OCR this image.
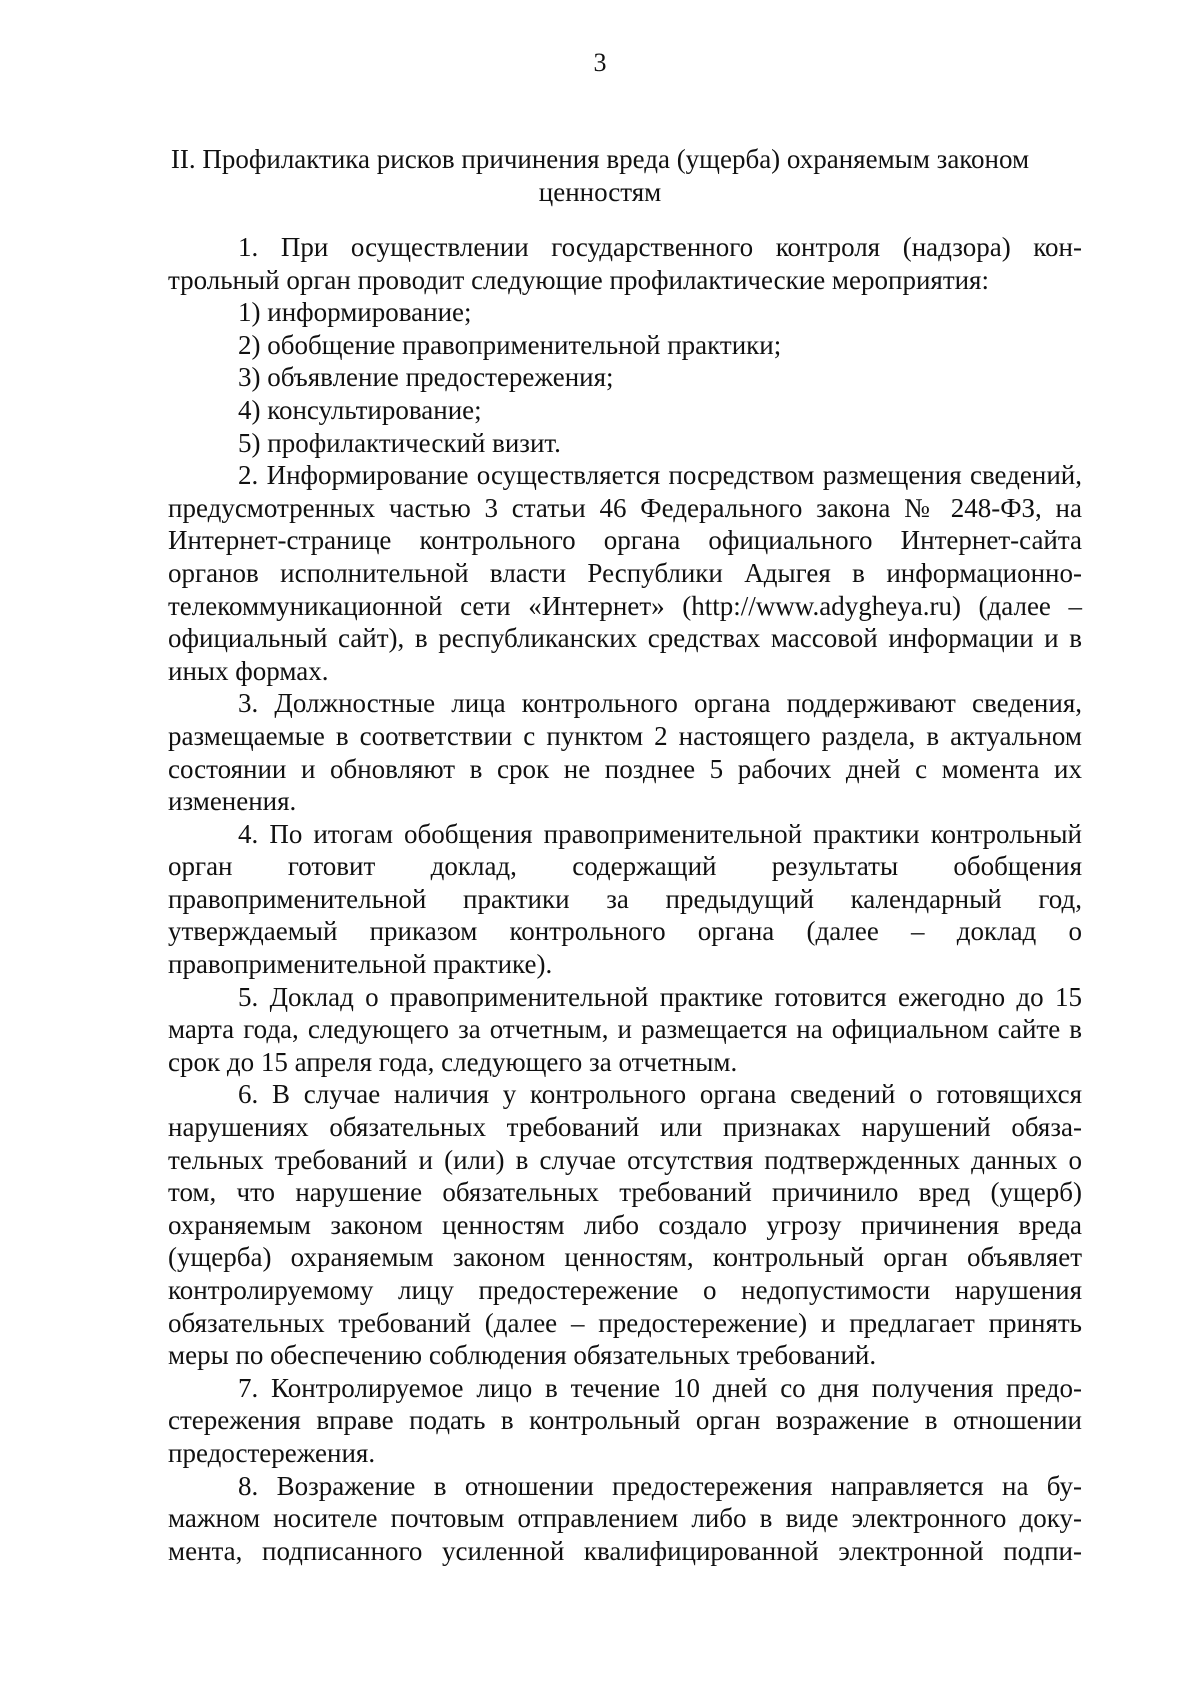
3
II. Профилактика рисков причинения вреда (ущерба) охраняемым законом ценностям

1. При осуществлении государственного контроля (надзора) контрольный орган проводит следующие профилактические мероприятия:

1) информирование;

2) обобщение правоприменительной практики;

3) объявление предостережения;

4) консультирование;

5) профилактический визит.

2. Информирование осуществляется посредством размещения сведений, предусмотренных частью 3 статьи 46 Федерального закона № 248-ФЗ, на Интернет-странице контрольного органа официального Интернет-сайта органов исполнительной власти Республики Адыгея в информационно-телекоммуникационной сети «Интернет» (http://www.adygheya.ru) (далее – официальный сайт), в республиканских средствах массовой информации и в иных формах.

3. Должностные лица контрольного органа поддерживают сведения, размещаемые в соответствии с пунктом 2 настоящего раздела, в актуальном состоянии и обновляют в срок не позднее 5 рабочих дней с момента их изменения.

4. По итогам обобщения правоприменительной практики контрольный орган готовит доклад, содержащий результаты обобщения правоприменительной практики за предыдущий календарный год, утверждаемый приказом контрольного органа (далее – доклад о правоприменительной практике).

5. Доклад о правоприменительной практике готовится ежегодно до 15 марта года, следующего за отчетным, и размещается на официальном сайте в срок до 15 апреля года, следующего за отчетным.

6. В случае наличия у контрольного органа сведений о готовящихся нарушениях обязательных требований или признаках нарушений обязательных требований и (или) в случае отсутствия подтвержденных данных о том, что нарушение обязательных требований причинило вред (ущерб) охраняемым законом ценностям либо создало угрозу причинения вреда (ущерба) охраняемым законом ценностям, контрольный орган объявляет контролируемому лицу предостережение о недопустимости нарушения обязательных требований (далее – предостережение) и предлагает принять меры по обеспечению соблюдения обязательных требований.

7. Контролируемое лицо в течение 10 дней со дня получения предостережения вправе подать в контрольный орган возражение в отношении предостережения.

8. Возражение в отношении предостережения направляется на бумажном носителе почтовым отправлением либо в виде электронного документа, подписанного усиленной квалифицированной электронной подпи-
